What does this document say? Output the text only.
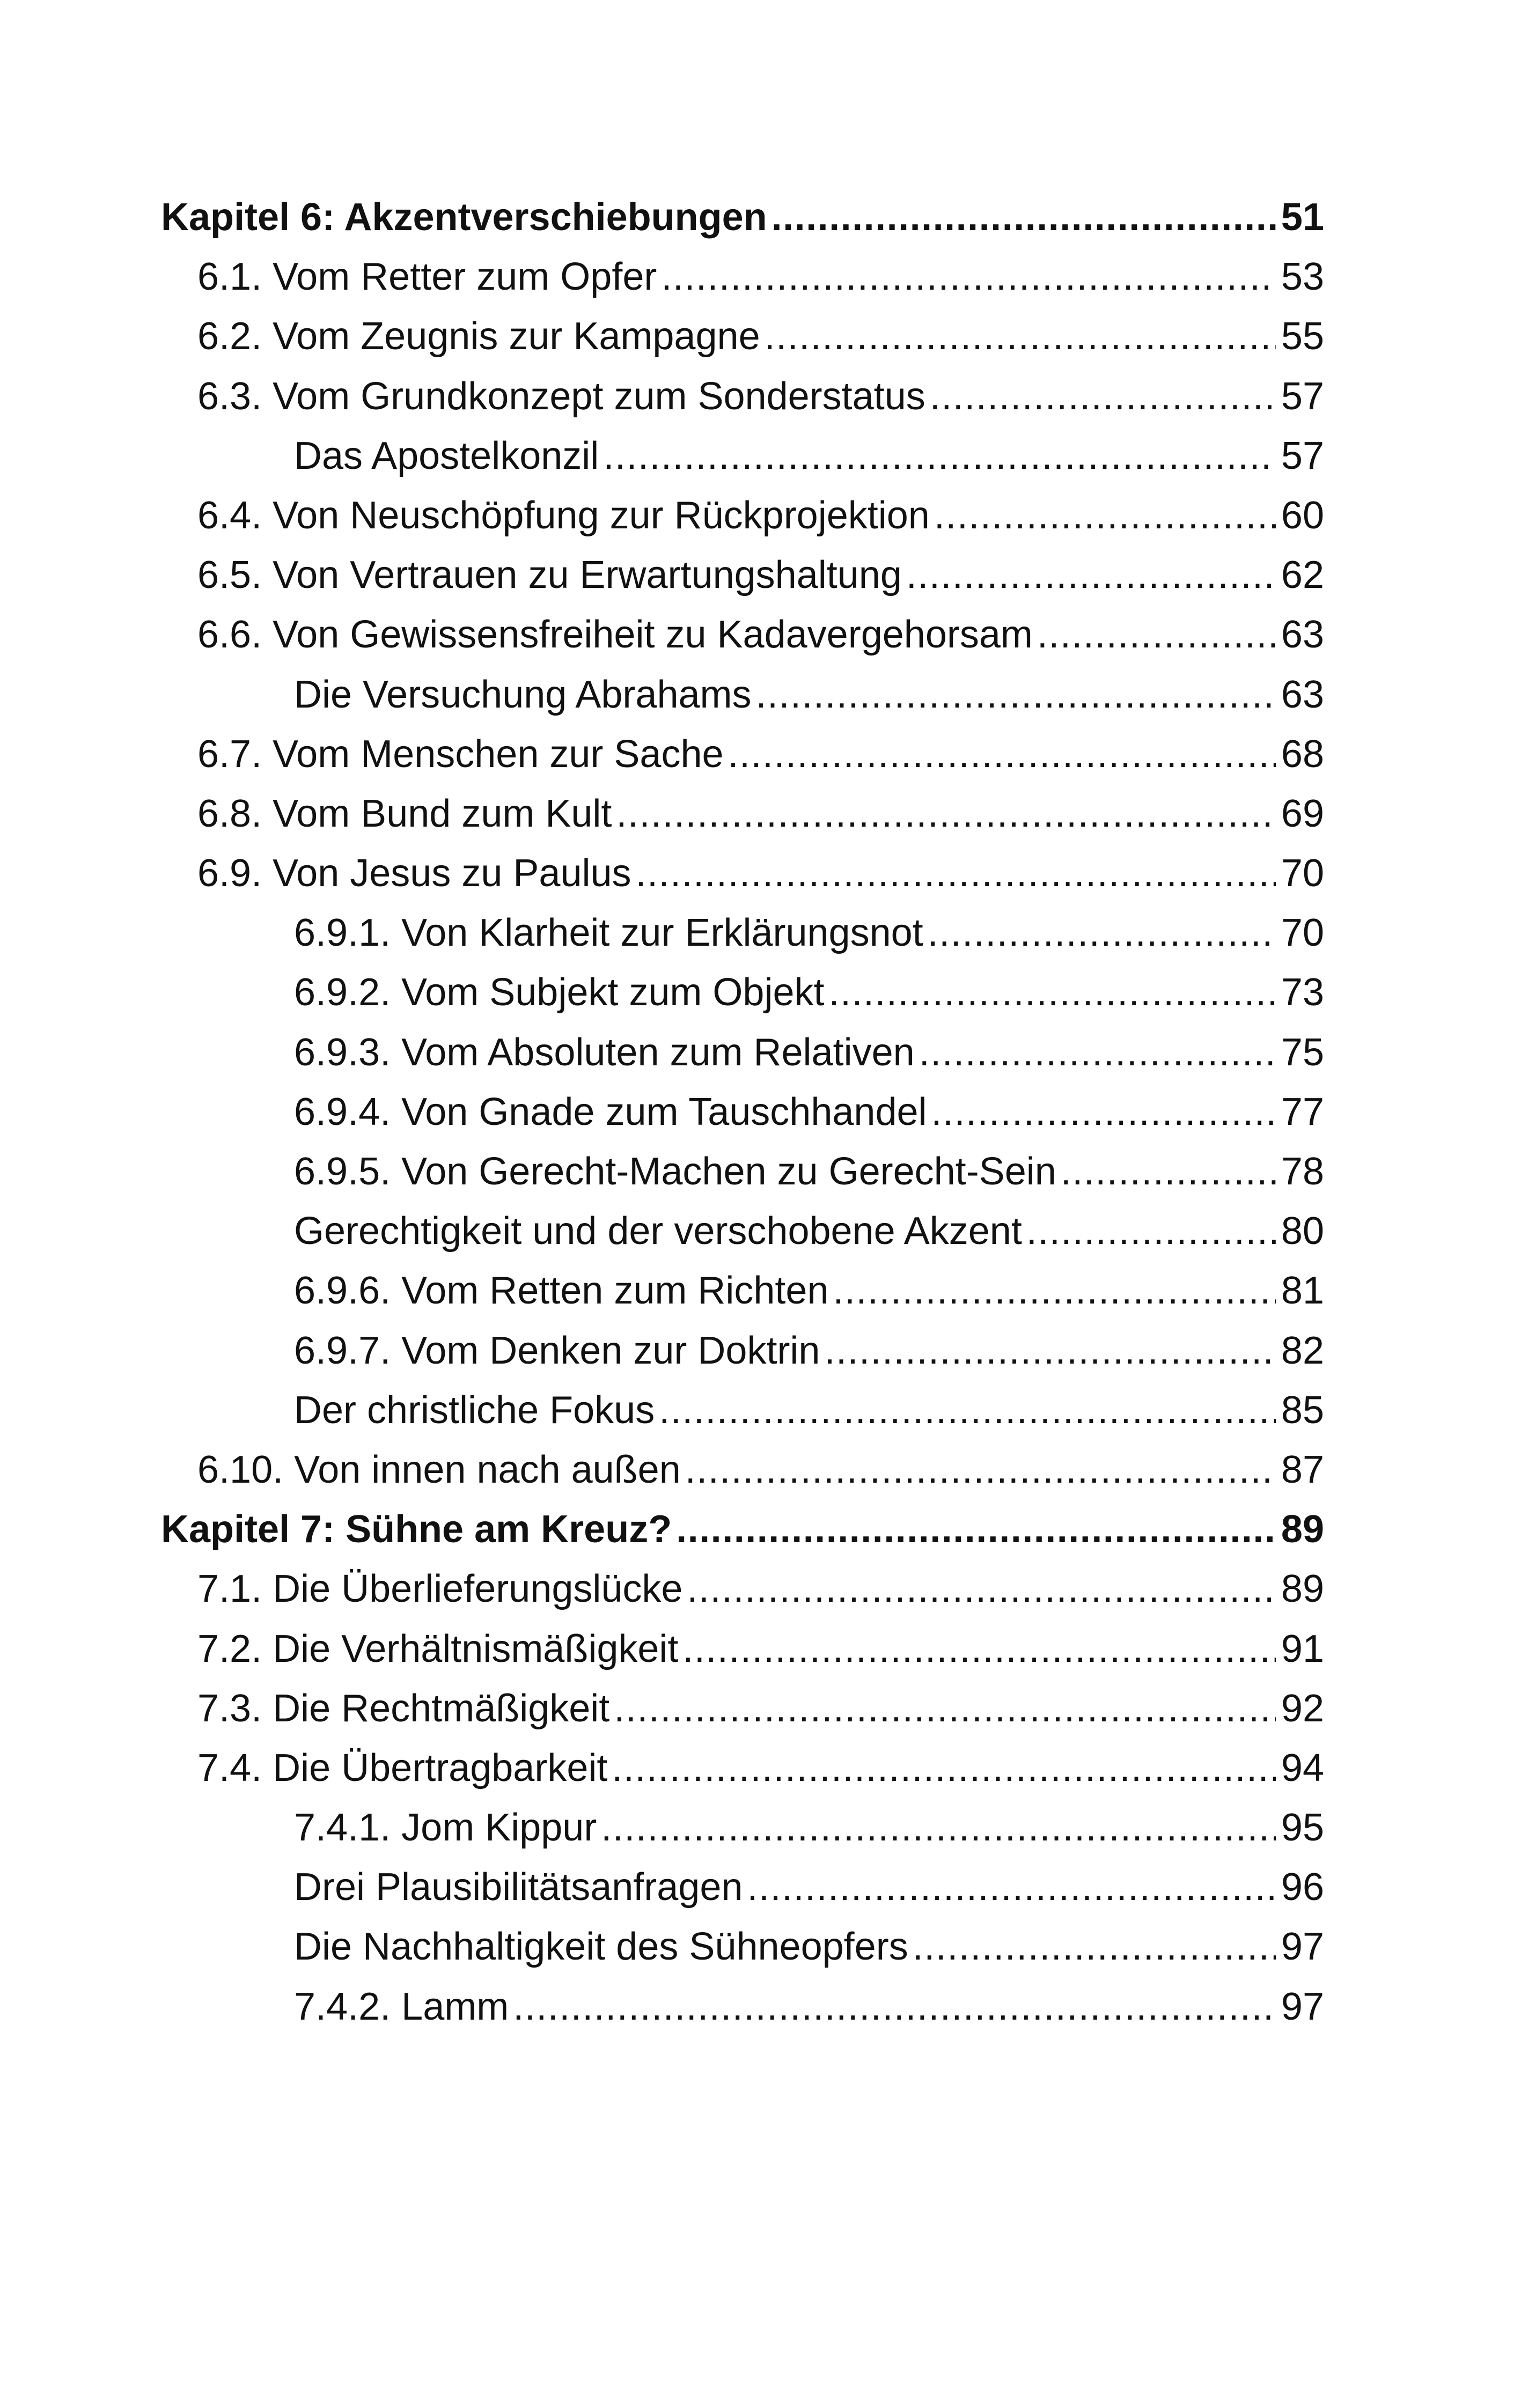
Kapitel 6: Akzentverschiebungen .....	51
6.1. Vom Retter zum Opfer .....	53
6.2. Vom Zeugnis zur Kampagne .....	55
6.3. Vom Grundkonzept zum Sonderstatus .....	57
Das Apostelkonzil .....	57
6.4. Von Neuschöpfung zur Rückprojektion .....	60
6.5. Von Vertrauen zu Erwartungshaltung .....	62
6.6. Von Gewissensfreiheit zu Kadavergehorsam .....	63
Die Versuchung Abrahams .....	63
6.7. Vom Menschen zur Sache .....	68
6.8. Vom Bund zum Kult .....	69
6.9. Von Jesus zu Paulus .....	70
6.9.1. Von Klarheit zur Erklärungsnot .....	70
6.9.2. Vom Subjekt zum Objekt .....	73
6.9.3. Vom Absoluten zum Relativen .....	75
6.9.4. Von Gnade zum Tauschhandel .....	77
6.9.5. Von Gerecht-Machen zu Gerecht-Sein .....	78
Gerechtigkeit und der verschobene Akzent .....	80
6.9.6. Vom Retten zum Richten .....	81
6.9.7. Vom Denken zur Doktrin .....	82
Der christliche Fokus .....	85
6.10. Von innen nach außen .....	87
Kapitel 7: Sühne am Kreuz? .....	89
7.1. Die Überlieferungslücke .....	89
7.2. Die Verhältnismäßigkeit .....	91
7.3. Die Rechtmäßigkeit .....	92
7.4. Die Übertragbarkeit .....	94
7.4.1. Jom Kippur .....	95
Drei Plausibilitätsanfragen .....	96
Die Nachhaltigkeit des Sühneopfers .....	97
7.4.2. Lamm .....	97
